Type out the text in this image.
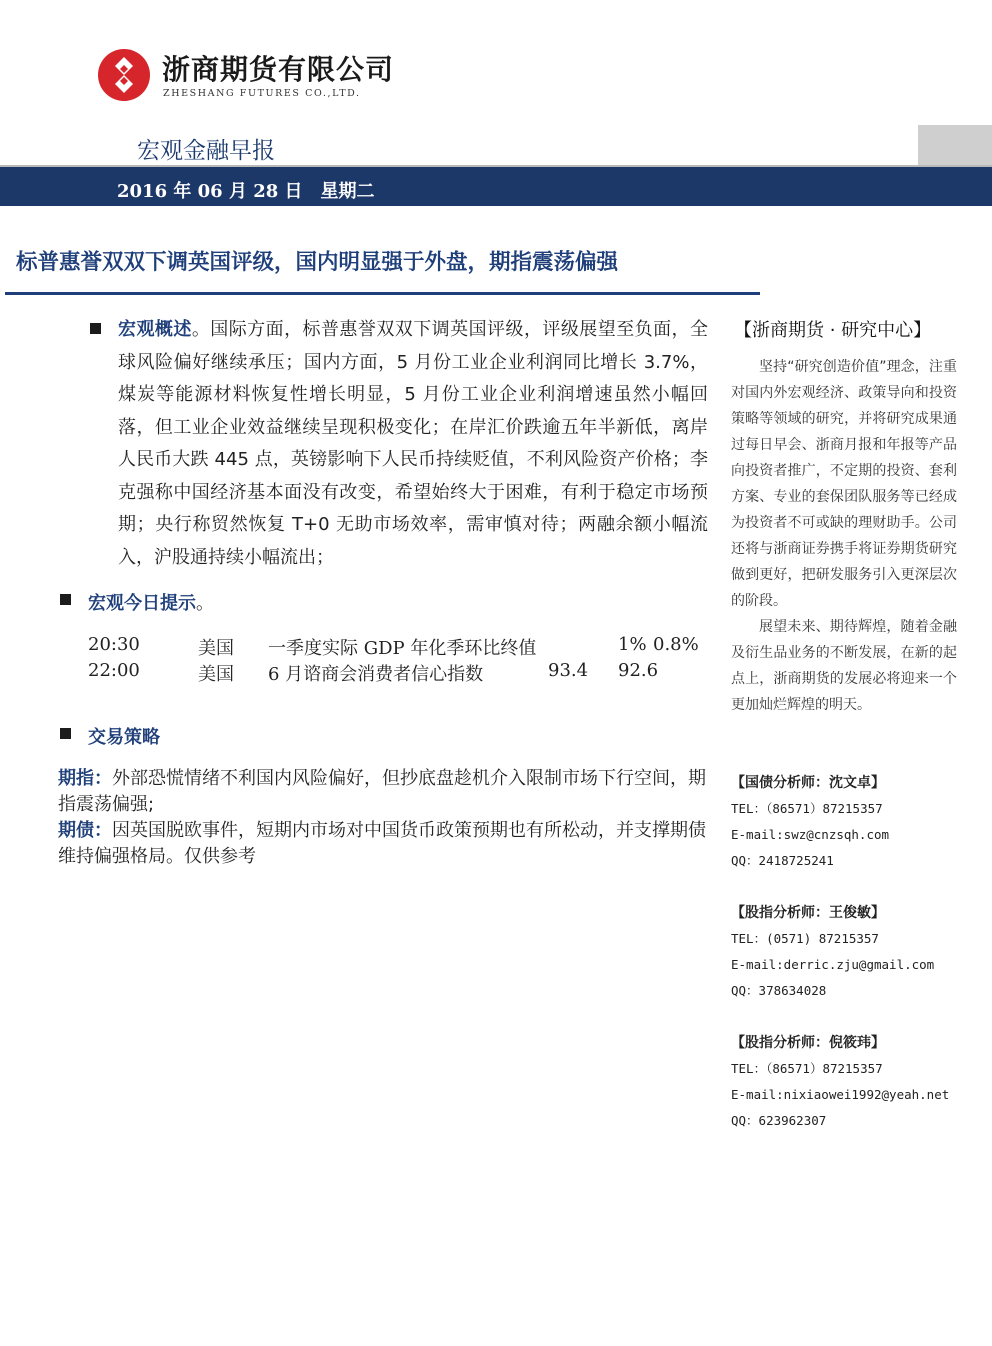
浙商期货有限公司
ZHESHANG FUTURES CO.,LTD.
宏观金融早报
2016 年 06 月 28 日　星期二
标普惠誉双双下调英国评级，国内明显强于外盘，期指震荡偏强
宏观概述。国际方面，标普惠誉双双下调英国评级，评级展望至负面，全球风险偏好继续承压；国内方面，5 月份工业企业利润同比增长 3.7%，煤炭等能源材料恢复性增长明显，5 月份工业企业利润增速虽然小幅回落，但工业企业效益继续呈现积极变化；在岸汇价跌逾五年半新低，离岸人民币大跌 445 点，英镑影响下人民币持续贬值，不利风险资产价格；李克强称中国经济基本面没有改变，希望始终大于困难，有利于稳定市场预期；央行称贸然恢复 T+0 无助市场效率，需审慎对待；两融余额小幅流入，沪股通持续小幅流出；
宏观今日提示。
20:30	美国 一季度实际 GDP 年化季环比终值	1% 0.8%
22:00	美国 6 月谘商会消费者信心指数	93.4 92.6
交易策略
期指：外部恐慌情绪不利国内风险偏好，但抄底盘趁机介入限制市场下行空间，期指震荡偏强;
期债：因英国脱欧事件，短期内市场对中国货币政策预期也有所松动，并支撑期债维持偏强格局。仅供参考
【浙商期货 · 研究中心】

坚持“研究创造价值”理念，注重对国内外宏观经济、政策导向和投资策略等领域的研究，并将研究成果通过每日早会、浙商月报和年报等产品向投资者推广，不定期的投资、套利方案、专业的套保团队服务等已经成为投资者不可或缺的理财助手。公司还将与浙商证券携手将证券期货研究做到更好，把研发服务引入更深层次的阶段。

展望未来、期待辉煌，随着金融及衍生品业务的不断发展，在新的起点上，浙商期货的发展必将迎来一个更加灿烂辉煌的明天。

【国债分析师：沈文卓】
TEL：（86571）87215357
E-mail:swz@cnzsqh.com
QQ：2418725241
【股指分析师：王俊敏】
TEL：(0571) 87215357
E-mail:derric.zju@gmail.com
QQ：378634028
【股指分析师：倪筱玮】
TEL：（86571）87215357
E-mail:nixiaowei1992@yeah.net
QQ：623962307
